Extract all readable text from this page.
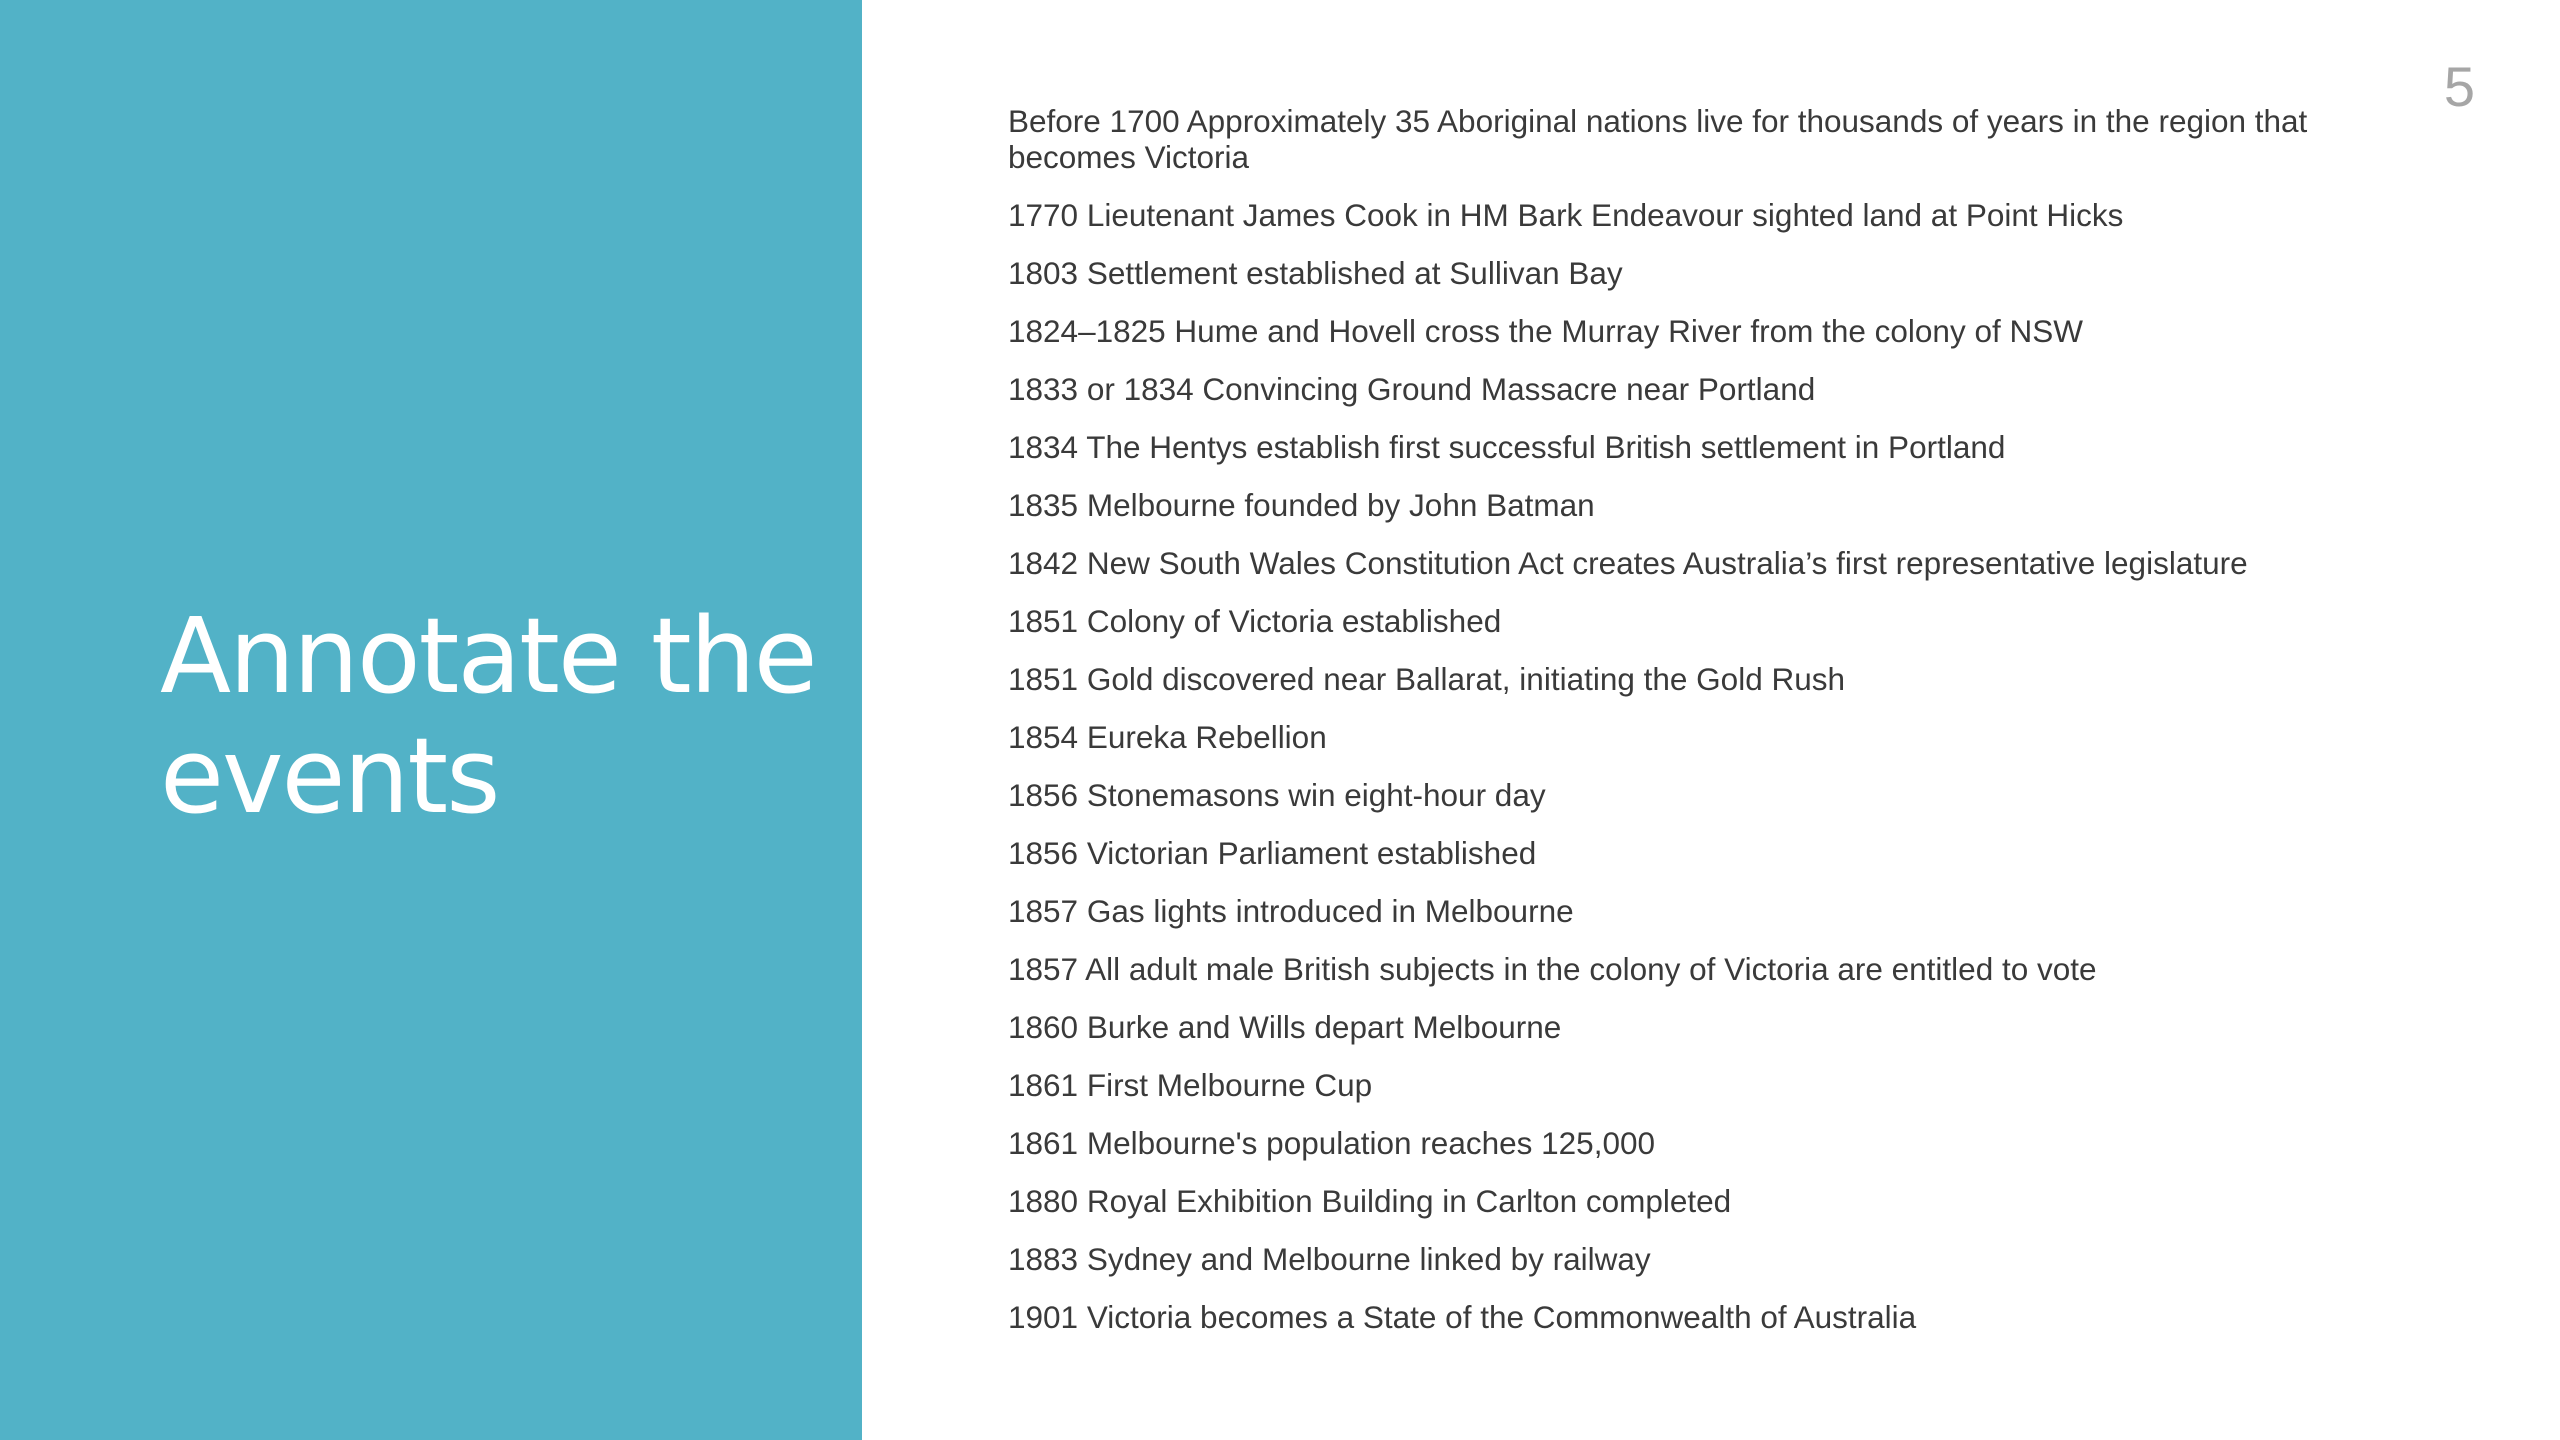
Annotate the events
5
Before 1700 Approximately 35 Aboriginal nations live for thousands of years in the region that becomes Victoria
1770 Lieutenant James Cook in HM Bark Endeavour sighted land at Point Hicks
1803 Settlement established at Sullivan Bay
1824–1825 Hume and Hovell cross the Murray River from the colony of NSW
1833 or 1834 Convincing Ground Massacre near Portland
1834 The Hentys establish first successful British settlement in Portland
1835 Melbourne founded by John Batman
1842 New South Wales Constitution Act creates Australia’s first representative legislature
1851 Colony of Victoria established
1851 Gold discovered near Ballarat, initiating the Gold Rush
1854 Eureka Rebellion
1856 Stonemasons win eight-hour day
1856 Victorian Parliament established
1857 Gas lights introduced in Melbourne
1857 All adult male British subjects in the colony of Victoria are entitled to vote
1860 Burke and Wills depart Melbourne
1861 First Melbourne Cup
1861 Melbourne's population reaches 125,000
1880 Royal Exhibition Building in Carlton completed
1883 Sydney and Melbourne linked by railway
1901 Victoria becomes a State of the Commonwealth of Australia
